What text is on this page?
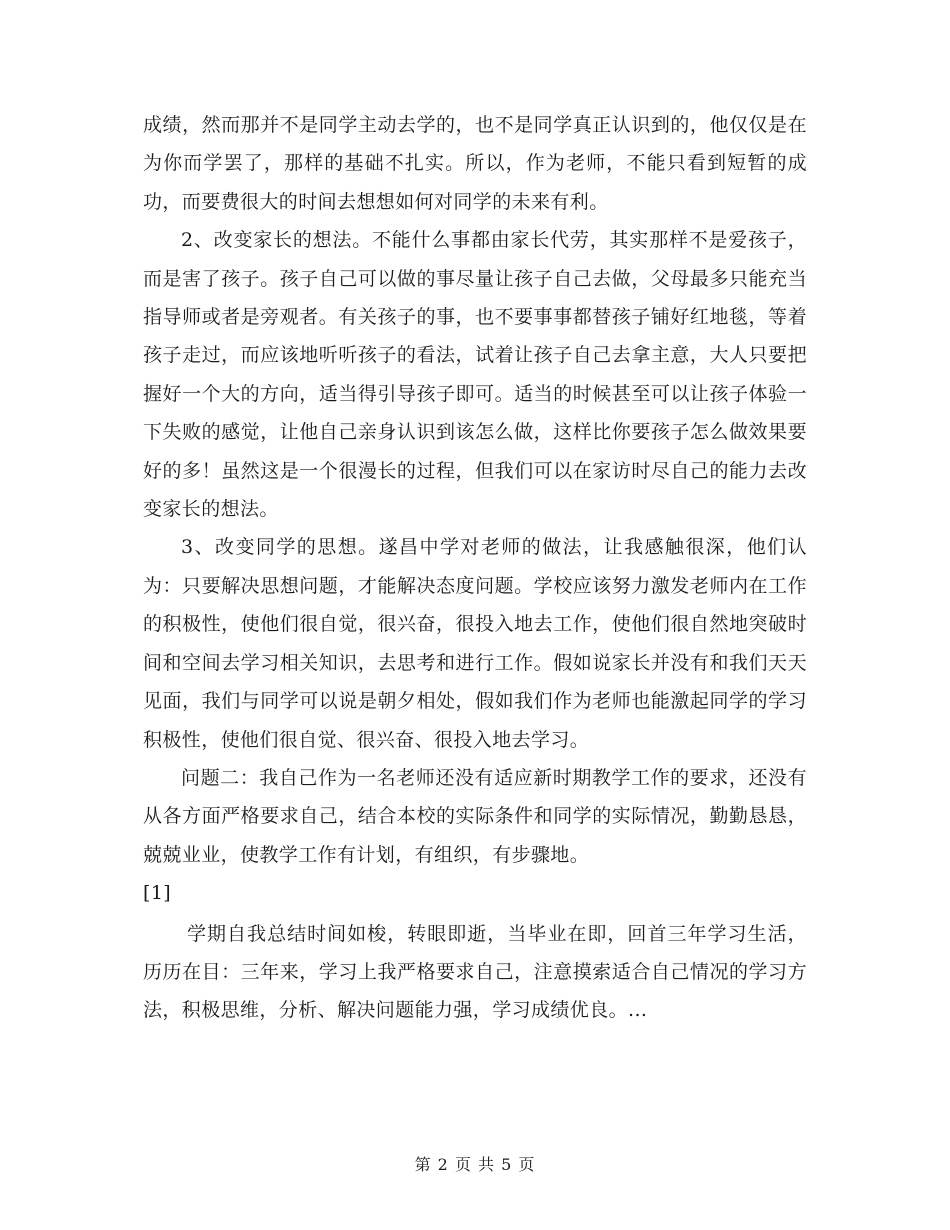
成绩，然而那并不是同学主动去学的，也不是同学真正认识到的，他仅仅是在为你而学罢了，那样的基础不扎实。所以，作为老师，不能只看到短暂的成功，而要费很大的时间去想想如何对同学的未来有利。

2、改变家长的想法。不能什么事都由家长代劳，其实那样不是爱孩子，而是害了孩子。孩子自己可以做的事尽量让孩子自己去做，父母最多只能充当指导师或者是旁观者。有关孩子的事，也不要事事都替孩子铺好红地毯，等着孩子走过，而应该地听听孩子的看法，试着让孩子自己去拿主意，大人只要把握好一个大的方向，适当得引导孩子即可。适当的时候甚至可以让孩子体验一下失败的感觉，让他自己亲身认识到该怎么做，这样比你要孩子怎么做效果要好的多！虽然这是一个很漫长的过程，但我们可以在家访时尽自己的能力去改变家长的想法。

3、改变同学的思想。遂昌中学对老师的做法，让我感触很深，他们认为：只要解决思想问题，才能解决态度问题。学校应该努力激发老师内在工作的积极性，使他们很自觉，很兴奋，很投入地去工作，使他们很自然地突破时间和空间去学习相关知识，去思考和进行工作。假如说家长并没有和我们天天见面，我们与同学可以说是朝夕相处，假如我们作为老师也能激起同学的学习积极性，使他们很自觉、很兴奋、很投入地去学习。

问题二：我自己作为一名老师还没有适应新时期教学工作的要求，还没有从各方面严格要求自己，结合本校的实际条件和同学的实际情况，勤勤恳恳，兢兢业业，使教学工作有计划，有组织，有步骤地。

[1]

学期自我总结时间如梭，转眼即逝，当毕业在即，回首三年学习生活，历历在目：三年来，学习上我严格要求自己，注意摸索适合自己情况的学习方法，积极思维，分析、解决问题能力强，学习成绩优良。...

第 2 页 共 5 页
